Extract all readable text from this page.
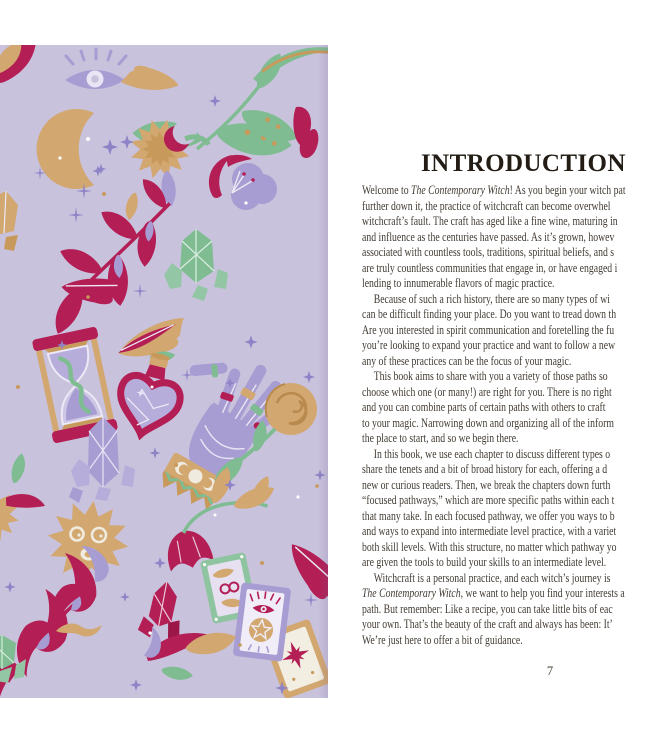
INTRODUCTION
Welcome to The Contemporary Witch! As you begin your witch pat
further down it, the practice of witchcraft can become overwhel
witchcraft’s fault. The craft has aged like a fine wine, maturing in
and influence as the centuries have passed. As it’s grown, howev
associated with countless tools, traditions, spiritual beliefs, and s
are truly countless communities that engage in, or have engaged i
lending to innumerable flavors of magic practice.
Because of such a rich history, there are so many types of wi
can be difficult finding your place. Do you want to tread down th
Are you interested in spirit communication and foretelling the fu
you’re looking to expand your practice and want to follow a new
any of these practices can be the focus of your magic.
This book aims to share with you a variety of those paths so
choose which one (or many!) are right for you. There is no right
and you can combine parts of certain paths with others to craft
to your magic. Narrowing down and organizing all of the inform
the place to start, and so we begin there.
In this book, we use each chapter to discuss different types o
share the tenets and a bit of broad history for each, offering a d
new or curious readers. Then, we break the chapters down furth
“focused pathways,” which are more specific paths within each t
that many take. In each focused pathway, we offer you ways to b
and ways to expand into intermediate level practice, with a variet
both skill levels. With this structure, no matter which pathway yo
are given the tools to build your skills to an intermediate level.
Witchcraft is a personal practice, and each witch’s journey is
The Contemporary Witch, we want to help you find your interests a
path. But remember: Like a recipe, you can take little bits of eac
your own. That’s the beauty of the craft and always has been: It’
We’re just here to offer a bit of guidance.
7
